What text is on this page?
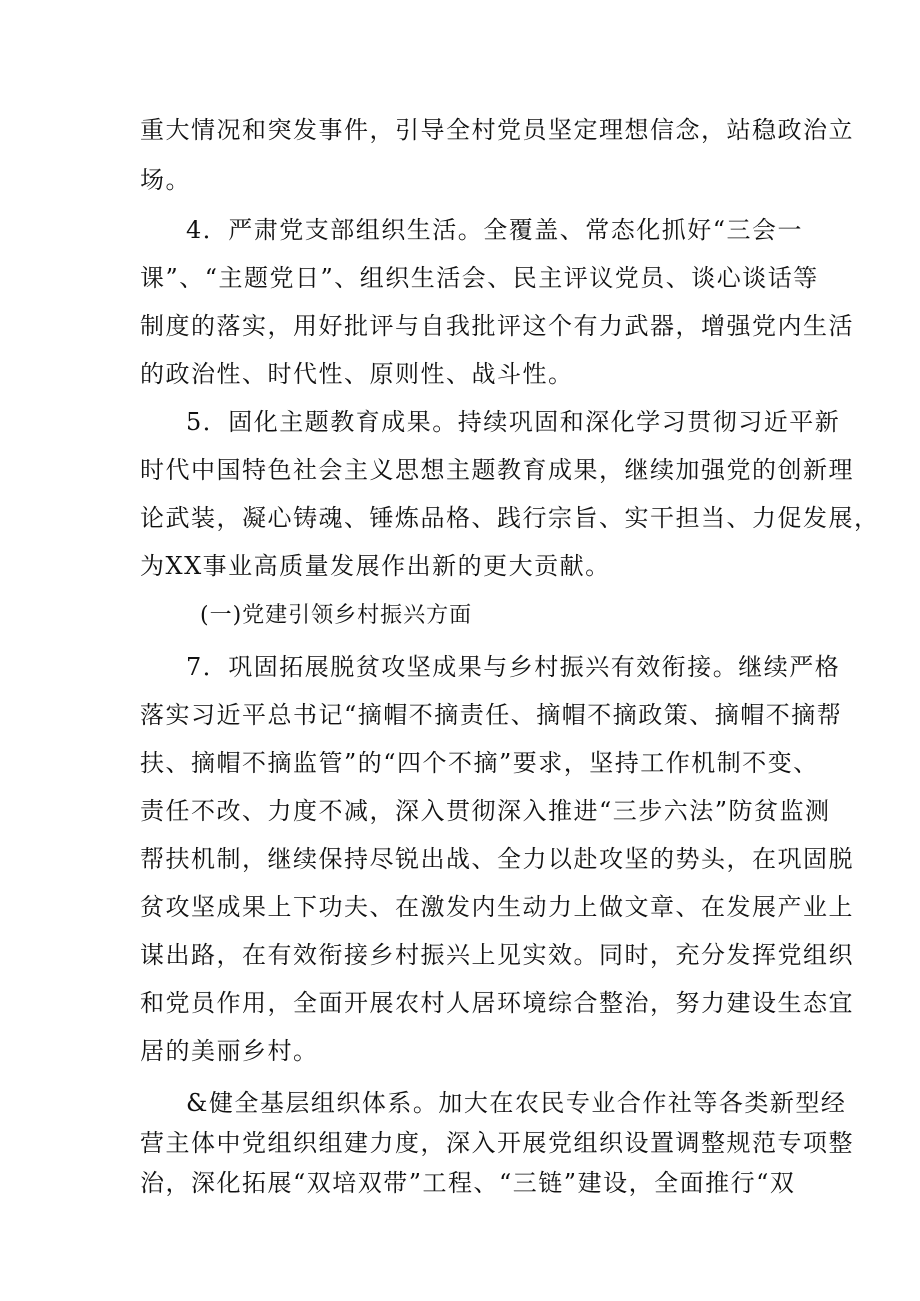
重大情况和突发事件，引导全村党员坚定理想信念，站稳政治立
场。
4．严肃党支部组织生活。全覆盖、常态化抓好“三会一
课”、“主题党日”、组织生活会、民主评议党员、谈心谈话等
制度的落实，用好批评与自我批评这个有力武器，增强党内生活
的政治性、时代性、原则性、战斗性。
5．固化主题教育成果。持续巩固和深化学习贯彻习近平新
时代中国特色社会主义思想主题教育成果，继续加强党的创新理
论武装，凝心铸魂、锤炼品格、践行宗旨、实干担当、力促发展，
为XX事业高质量发展作出新的更大贡献。
(一)党建引领乡村振兴方面
7．巩固拓展脱贫攻坚成果与乡村振兴有效衔接。继续严格
落实习近平总书记“摘帽不摘责任、摘帽不摘政策、摘帽不摘帮
扶、摘帽不摘监管”的“四个不摘”要求，坚持工作机制不变、
责任不改、力度不减，深入贯彻深入推进“三步六法”防贫监测
帮扶机制，继续保持尽锐出战、全力以赴攻坚的势头，在巩固脱
贫攻坚成果上下功夫、在激发内生动力上做文章、在发展产业上
谋出路，在有效衔接乡村振兴上见实效。同时，充分发挥党组织
和党员作用，全面开展农村人居环境综合整治，努力建设生态宜
居的美丽乡村。
&健全基层组织体系。加大在农民专业合作社等各类新型经
营主体中党组织组建力度，深入开展党组织设置调整规范专项整
治，深化拓展“双培双带”工程、“三链”建设，全面推行“双
